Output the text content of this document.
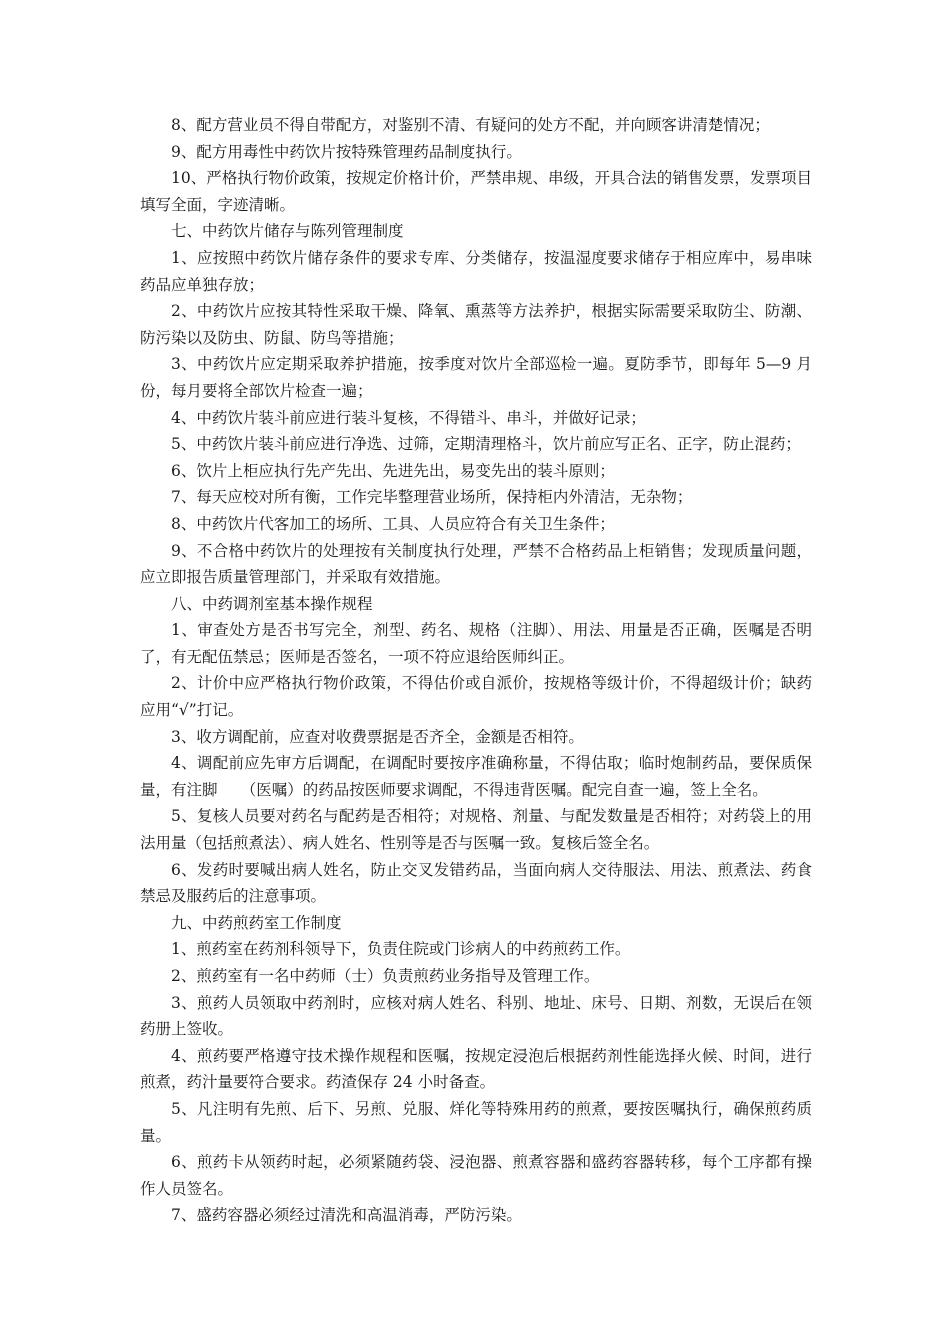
8、配方营业员不得自带配方，对鉴别不清、有疑问的处方不配，并向顾客讲清楚情况；

9、配方用毒性中药饮片按特殊管理药品制度执行。

10、严格执行物价政策，按规定价格计价，严禁串规、串级，开具合法的销售发票，发票项目填写全面，字迹清晰。

七、中药饮片储存与陈列管理制度

1、应按照中药饮片储存条件的要求专库、分类储存，按温湿度要求储存于相应库中，易串味药品应单独存放；

2、中药饮片应按其特性采取干燥、降氧、熏蒸等方法养护，根据实际需要采取防尘、防潮、防污染以及防虫、防鼠、防鸟等措施；

3、中药饮片应定期采取养护措施，按季度对饮片全部巡检一遍。夏防季节，即每年 5—9 月份，每月要将全部饮片检查一遍；

4、中药饮片装斗前应进行装斗复核，不得错斗、串斗，并做好记录；

5、中药饮片装斗前应进行净选、过筛，定期清理格斗，饮片前应写正名、正字，防止混药；

6、饮片上柜应执行先产先出、先进先出，易变先出的装斗原则；

7、每天应校对所有衡，工作完毕整理营业场所，保持柜内外清洁，无杂物；

8、中药饮片代客加工的场所、工具、人员应符合有关卫生条件；

9、不合格中药饮片的处理按有关制度执行处理，严禁不合格药品上柜销售；发现质量问题，应立即报告质量管理部门，并采取有效措施。

八、中药调剂室基本操作规程

1、审查处方是否书写完全，剂型、药名、规格（注脚）、用法、用量是否正确，医嘱是否明了，有无配伍禁忌；医师是否签名，一项不符应退给医师纠正。

2、计价中应严格执行物价政策，不得估价或自派价，按规格等级计价，不得超级计价；缺药应用“√”打记。

3、收方调配前，应查对收费票据是否齐全，金额是否相符。

4、调配前应先审方后调配，在调配时要按序准确称量，不得估取；临时炮制药品，要保质保量，有注脚　　（医嘱）的药品按医师要求调配，不得违背医嘱。配完自查一遍，签上全名。

5、复核人员要对药名与配药是否相符；对规格、剂量、与配发数量是否相符；对药袋上的用法用量（包括煎煮法）、病人姓名、性别等是否与医嘱一致。复核后签全名。

6、发药时要喊出病人姓名，防止交叉发错药品，当面向病人交待服法、用法、煎煮法、药食禁忌及服药后的注意事项。

九、中药煎药室工作制度

1、煎药室在药剂科领导下，负责住院或门诊病人的中药煎药工作。

2、煎药室有一名中药师（士）负责煎药业务指导及管理工作。

3、煎药人员领取中药剂时，应核对病人姓名、科别、地址、床号、日期、剂数，无误后在领药册上签收。

4、煎药要严格遵守技术操作规程和医嘱，按规定浸泡后根据药剂性能选择火候、时间，进行煎煮，药汁量要符合要求。药渣保存 24 小时备查。

5、凡注明有先煎、后下、另煎、兑服、烊化等特殊用药的煎煮，要按医嘱执行，确保煎药质量。

6、煎药卡从领药时起，必须紧随药袋、浸泡器、煎煮容器和盛药容器转移，每个工序都有操作人员签名。

7、盛药容器必须经过清洗和高温消毒，严防污染。
